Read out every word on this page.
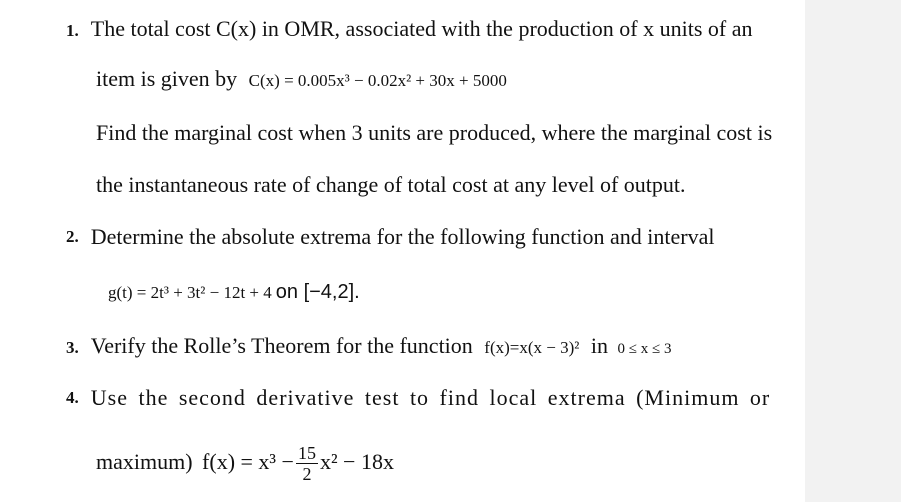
1. The total cost C(x) in OMR, associated with the production of x units of an
item is given by C(x) = 0.005x³ − 0.02x² + 30x + 5000
Find the marginal cost when 3 units are produced, where the marginal cost is
the instantaneous rate of change of total cost at any level of output.
2. Determine the absolute extrema for the following function and interval
g(t) = 2t³ + 3t² − 12t + 4 on [−4,2].
3. Verify the Rolle’s Theorem for the function f(x)=x(x − 3)² in 0 ≤ x ≤ 3
4. Use the second derivative test to find local extrema (Minimum or
maximum) $f(x) = x^3 - \frac{15}{2} x^2 - 18x$
